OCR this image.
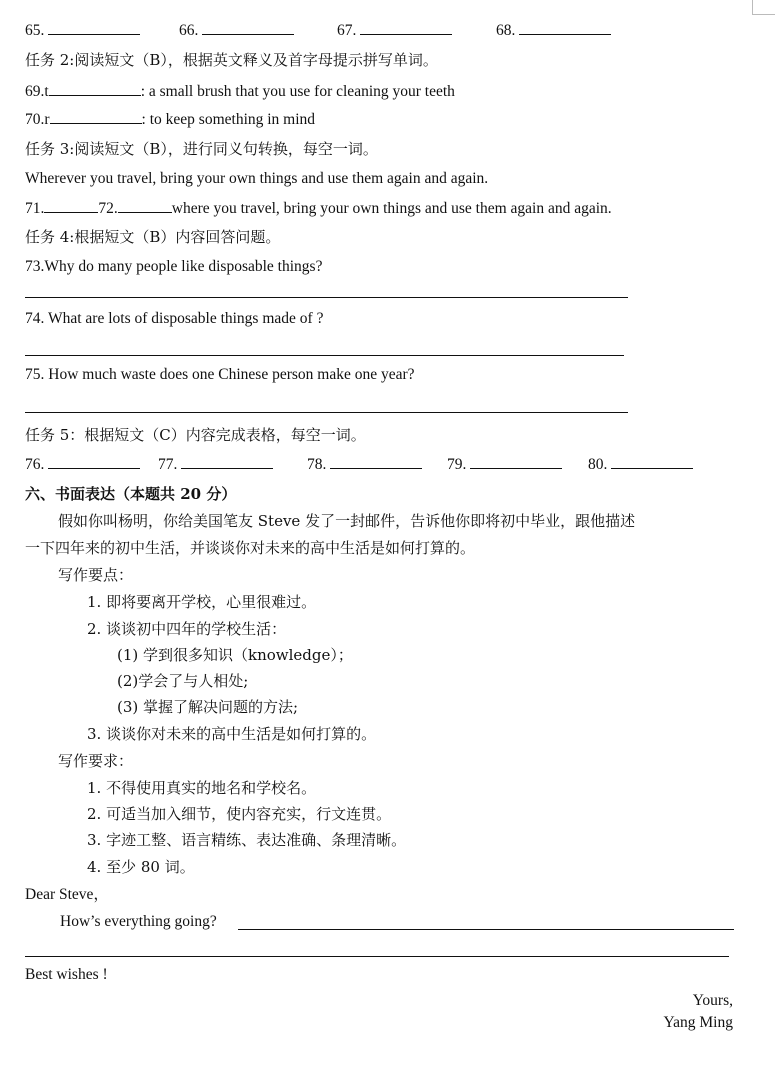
65.	66.	67.	68.
任务 2:阅读短文（B），根据英文释义及首字母提示拼写单词。
69.t	: a small brush that you use for cleaning your teeth
70.r	: to keep something in mind
任务 3:阅读短文（B），进行同义句转换，每空一词。
Wherever you travel, bring your own things and use them again and again.
71.	72.	where you travel, bring your own things and use them again and again.
任务 4:根据短文（B）内容回答问题。
73.Why do many people like disposable things?
74. What are lots of disposable things made of ?
75. How much waste does one Chinese person make one year?
任务 5：根据短文（C）内容完成表格，每空一词。
76.	77.	78.	79.	80.
六、书面表达（本题共 20 分）
假如你叫杨明，你给美国笔友 Steve 发了一封邮件，告诉他你即将初中毕业，跟他描述
一下四年来的初中生活，并谈谈你对未来的高中生活是如何打算的。
写作要点：
1. 即将要离开学校，心里很难过。
2. 谈谈初中四年的学校生活：
(1) 学到很多知识（knowledge）；
(2)学会了与人相处;
(3) 掌握了解决问题的方法;
3. 谈谈你对未来的高中生活是如何打算的。
写作要求：
1. 不得使用真实的地名和学校名。
2. 可适当加入细节，使内容充实，行文连贯。
3. 字迹工整、语言精练、表达准确、条理清晰。
4. 至少 80 词。
Dear Steve，
How’s everything going?
Best wishes !
Yours,
Yang Ming
